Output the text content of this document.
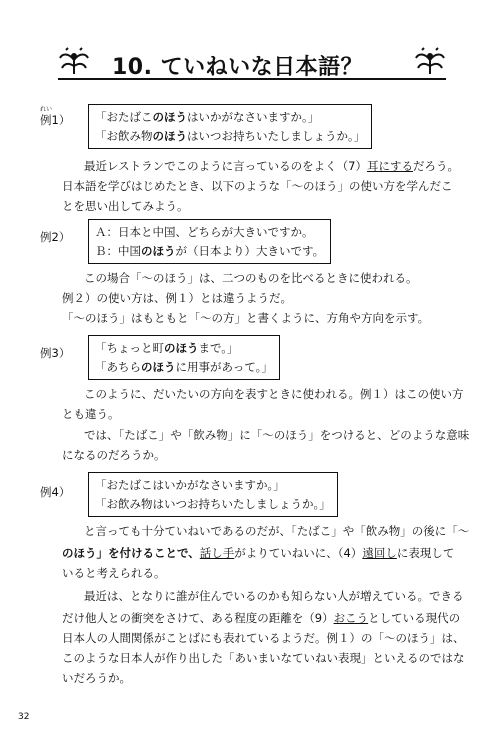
10. ていねいな日本語？
れい
例1） 「おたばこのほうはいかがなさいますか。」
「お飲み物のほうはいつお持ちいたしましょうか。」
最近レストランでこのように言っているのをよく（7）耳にするだろう。
日本語を学びはじめたとき、以下のような「～のほう」の使い方を学んだこ
とを思い出してみよう。
例2） Ａ：日本と中国、どちらが大きいですか。
Ｂ：中国のほうが（日本より）大きいです。
この場合「～のほう」は、二つのものを比べるときに使われる。
例２）の使い方は、例１）とは違うようだ。
「～のほう」はもともと「～の方」と書くように、方角や方向を示す。
例3） 「ちょっと町のほうまで。」
「あちらのほうに用事があって。」
このように、だいたいの方向を表すときに使われる。例１）はこの使い方
とも違う。
では、「たばこ」や「飲み物」に「～のほう」をつけると、どのような意味
になるのだろうか。
例4） 「おたばこはいかがなさいますか。」
「お飲み物はいつお持ちいたしましょうか。」
と言っても十分ていねいであるのだが、「たばこ」や「飲み物」の後に「～
のほう」を付けることで、話し手がよりていねいに、（4）遠回しに表現して
いると考えられる。
最近は、となりに誰が住んでいるのかも知らない人が増えている。できる
だけ他人との衝突をさけて、ある程度の距離を（9）おこうとしている現代の
日本人の人間関係がことばにも表れているようだ。例１）の「～のほう」は、
このような日本人が作り出した「あいまいなていねい表現」といえるのではな
いだろうか。
32
